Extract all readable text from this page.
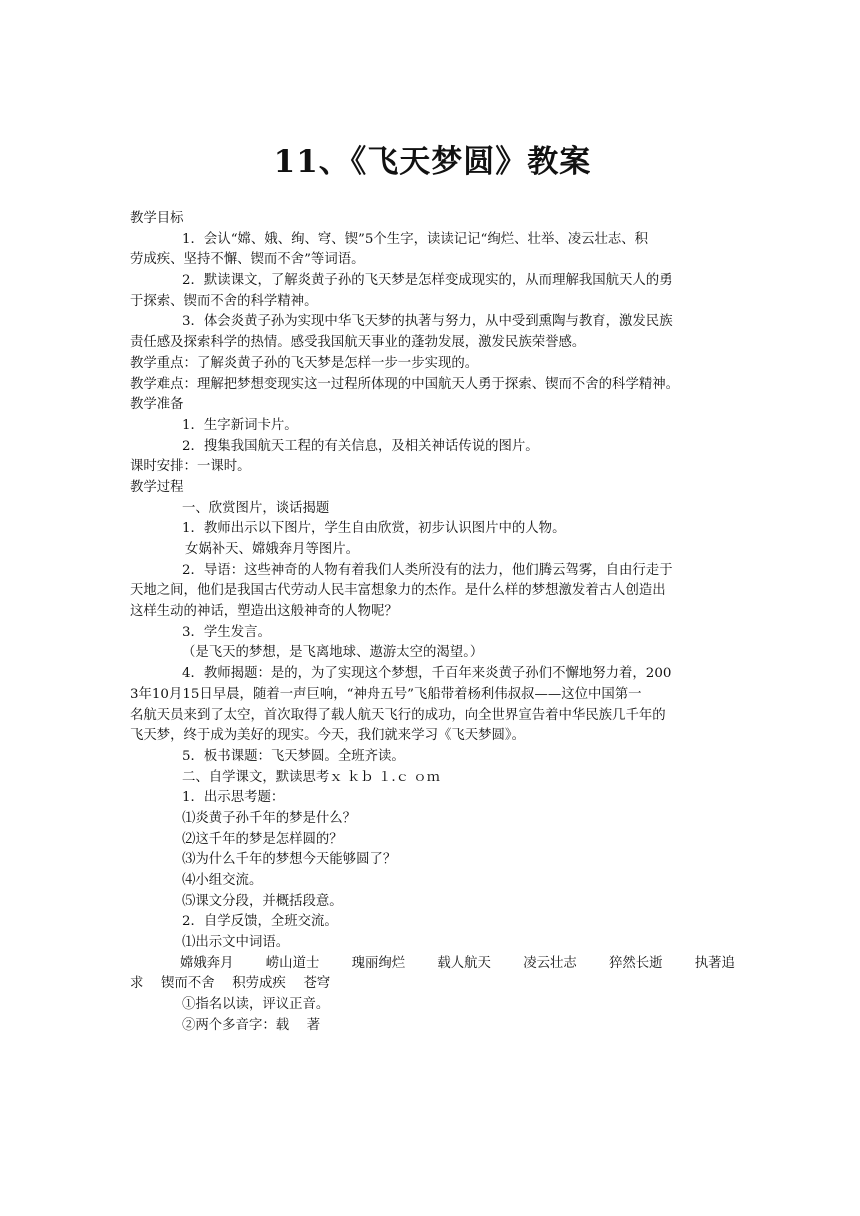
11、《飞天梦圆》教案
教学目标
1．会认“嫦、娥、绚、穹、锲”5个生字，读读记记“绚烂、壮举、凌云壮志、积
劳成疾、坚持不懈、锲而不舍”等词语。
2．默读课文，了解炎黄子孙的飞天梦是怎样变成现实的，从而理解我国航天人的勇
于探索、锲而不舍的科学精神。
3．体会炎黄子孙为实现中华飞天梦的执著与努力，从中受到熏陶与教育，激发民族
责任感及探索科学的热情。感受我国航天事业的蓬勃发展，激发民族荣誉感。
教学重点：了解炎黄子孙的飞天梦是怎样一步一步实现的。
教学难点：理解把梦想变现实这一过程所体现的中国航天人勇于探索、锲而不舍的科学精神。
教学准备
1．生字新词卡片。
2．搜集我国航天工程的有关信息，及相关神话传说的图片。
课时安排：一课时。
教学过程
一、欣赏图片，谈话揭题
1．教师出示以下图片，学生自由欣赏，初步认识图片中的人物。
女娲补天、嫦娥奔月等图片。
2．导语：这些神奇的人物有着我们人类所没有的法力，他们腾云驾雾，自由行走于
天地之间，他们是我国古代劳动人民丰富想象力的杰作。是什么样的梦想激发着古人创造出
这样生动的神话，塑造出这般神奇的人物呢？
3．学生发言。
（是飞天的梦想，是飞离地球、遨游太空的渴望。）
4．教师揭题：是的，为了实现这个梦想，千百年来炎黄子孙们不懈地努力着，200
3年10月15日早晨，随着一声巨响，“神舟五号”飞船带着杨利伟叔叔——这位中国第一
名航天员来到了太空，首次取得了载人航天飞行的成功，向全世界宣告着中华民族几千年的
飞天梦，终于成为美好的现实。今天，我们就来学习《飞天梦圆》。
5．板书课题：飞天梦圆。全班齐读。
二、自学课文，默读思考ｘ ｋｂ １.ｃ ｏｍ
1．出示思考题：
⑴炎黄子孙千年的梦是什么？
⑵这千年的梦是怎样圆的？
⑶为什么千年的梦想今天能够圆了？
⑷小组交流。
⑸课文分段，并概括段意。
2．自学反馈，全班交流。
⑴出示文中词语。
嫦娥奔月 崂山道士 瑰丽绚烂 载人航天 凌云壮志 猝然长逝 执著追
求　 锲而不舍　 积劳成疾　 苍穹
①指名以读，评议正音。
②两个多音字：载　 著
